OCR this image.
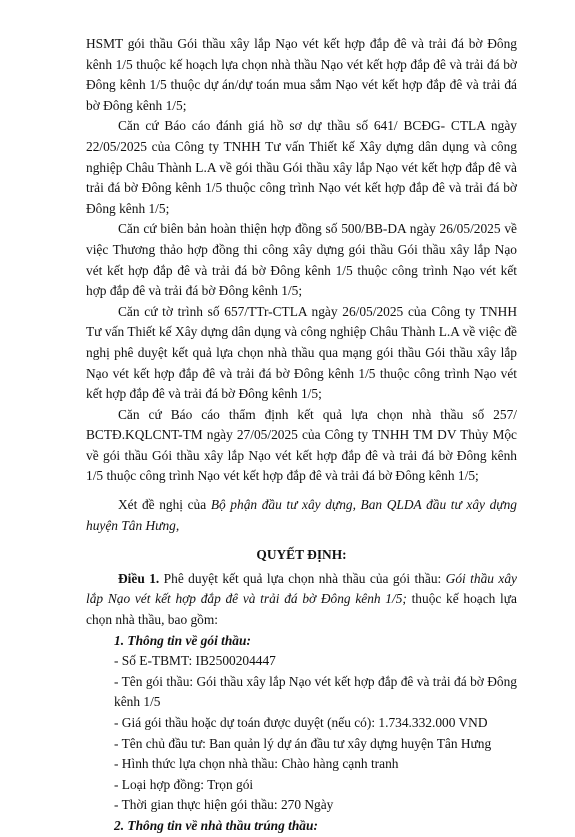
HSMT gói thầu Gói thầu xây lắp Nạo vét kết hợp đắp đê và trải đá bờ Đông kênh 1/5 thuộc kế hoạch lựa chọn nhà thầu Nạo vét kết hợp đắp đê và trải đá bờ Đông kênh 1/5 thuộc dự án/dự toán mua sắm Nạo vét kết hợp đắp đê và trải đá bờ Đông kênh 1/5;

Căn cứ Báo cáo đánh giá hồ sơ dự thầu số 641/ BCĐG- CTLA ngày 22/05/2025 của Công ty TNHH Tư vấn Thiết kế Xây dựng dân dụng và công nghiệp Châu Thành L.A về gói thầu Gói thầu xây lắp Nạo vét kết hợp đắp đê và trải đá bờ Đông kênh 1/5 thuộc công trình Nạo vét kết hợp đắp đê và trải đá bờ Đông kênh 1/5;

Căn cứ biên bản hoàn thiện hợp đồng số 500/BB-DA ngày 26/05/2025 về việc Thương thảo hợp đồng thi công xây dựng gói thầu Gói thầu xây lắp Nạo vét kết hợp đắp đê và trải đá bờ Đông kênh 1/5 thuộc công trình Nạo vét kết hợp đắp đê và trải đá bờ Đông kênh 1/5;

Căn cứ tờ trình số 657/TTr-CTLA ngày 26/05/2025 của Công ty TNHH Tư vấn Thiết kế Xây dựng dân dụng và công nghiệp Châu Thành L.A về việc đề nghị phê duyệt kết quả lựa chọn nhà thầu qua mạng gói thầu Gói thầu xây lắp Nạo vét kết hợp đắp đê và trải đá bờ Đông kênh 1/5 thuộc công trình Nạo vét kết hợp đắp đê và trải đá bờ Đông kênh 1/5;

Căn cứ Báo cáo thẩm định kết quả lựa chọn nhà thầu số 257/ BCTĐ.KQLCNT-TM ngày 27/05/2025 của Công ty TNHH TM DV Thủy Mộc về gói thầu Gói thầu xây lắp Nạo vét kết hợp đắp đê và trải đá bờ Đông kênh 1/5 thuộc công trình Nạo vét kết hợp đắp đê và trải đá bờ Đông kênh 1/5;

Xét đề nghị của Bộ phận đầu tư xây dựng, Ban QLDA đầu tư xây dựng huyện Tân Hưng,

QUYẾT ĐỊNH:

Điều 1. Phê duyệt kết quả lựa chọn nhà thầu của gói thầu: Gói thầu xây lắp Nạo vét kết hợp đắp đê và trải đá bờ Đông kênh 1/5; thuộc kế hoạch lựa chọn nhà thầu, bao gồm:

1. Thông tin về gói thầu:

- Số E-TBMT: IB2500204447

- Tên gói thầu: Gói thầu xây lắp Nạo vét kết hợp đắp đê và trải đá bờ Đông kênh 1/5

- Giá gói thầu hoặc dự toán được duyệt (nếu có): 1.734.332.000 VND

- Tên chủ đầu tư: Ban quản lý dự án đầu tư xây dựng huyện Tân Hưng

- Hình thức lựa chọn nhà thầu: Chào hàng cạnh tranh

- Loại hợp đồng: Trọn gói

- Thời gian thực hiện gói thầu: 270 Ngày

2. Thông tin về nhà thầu trúng thầu:
